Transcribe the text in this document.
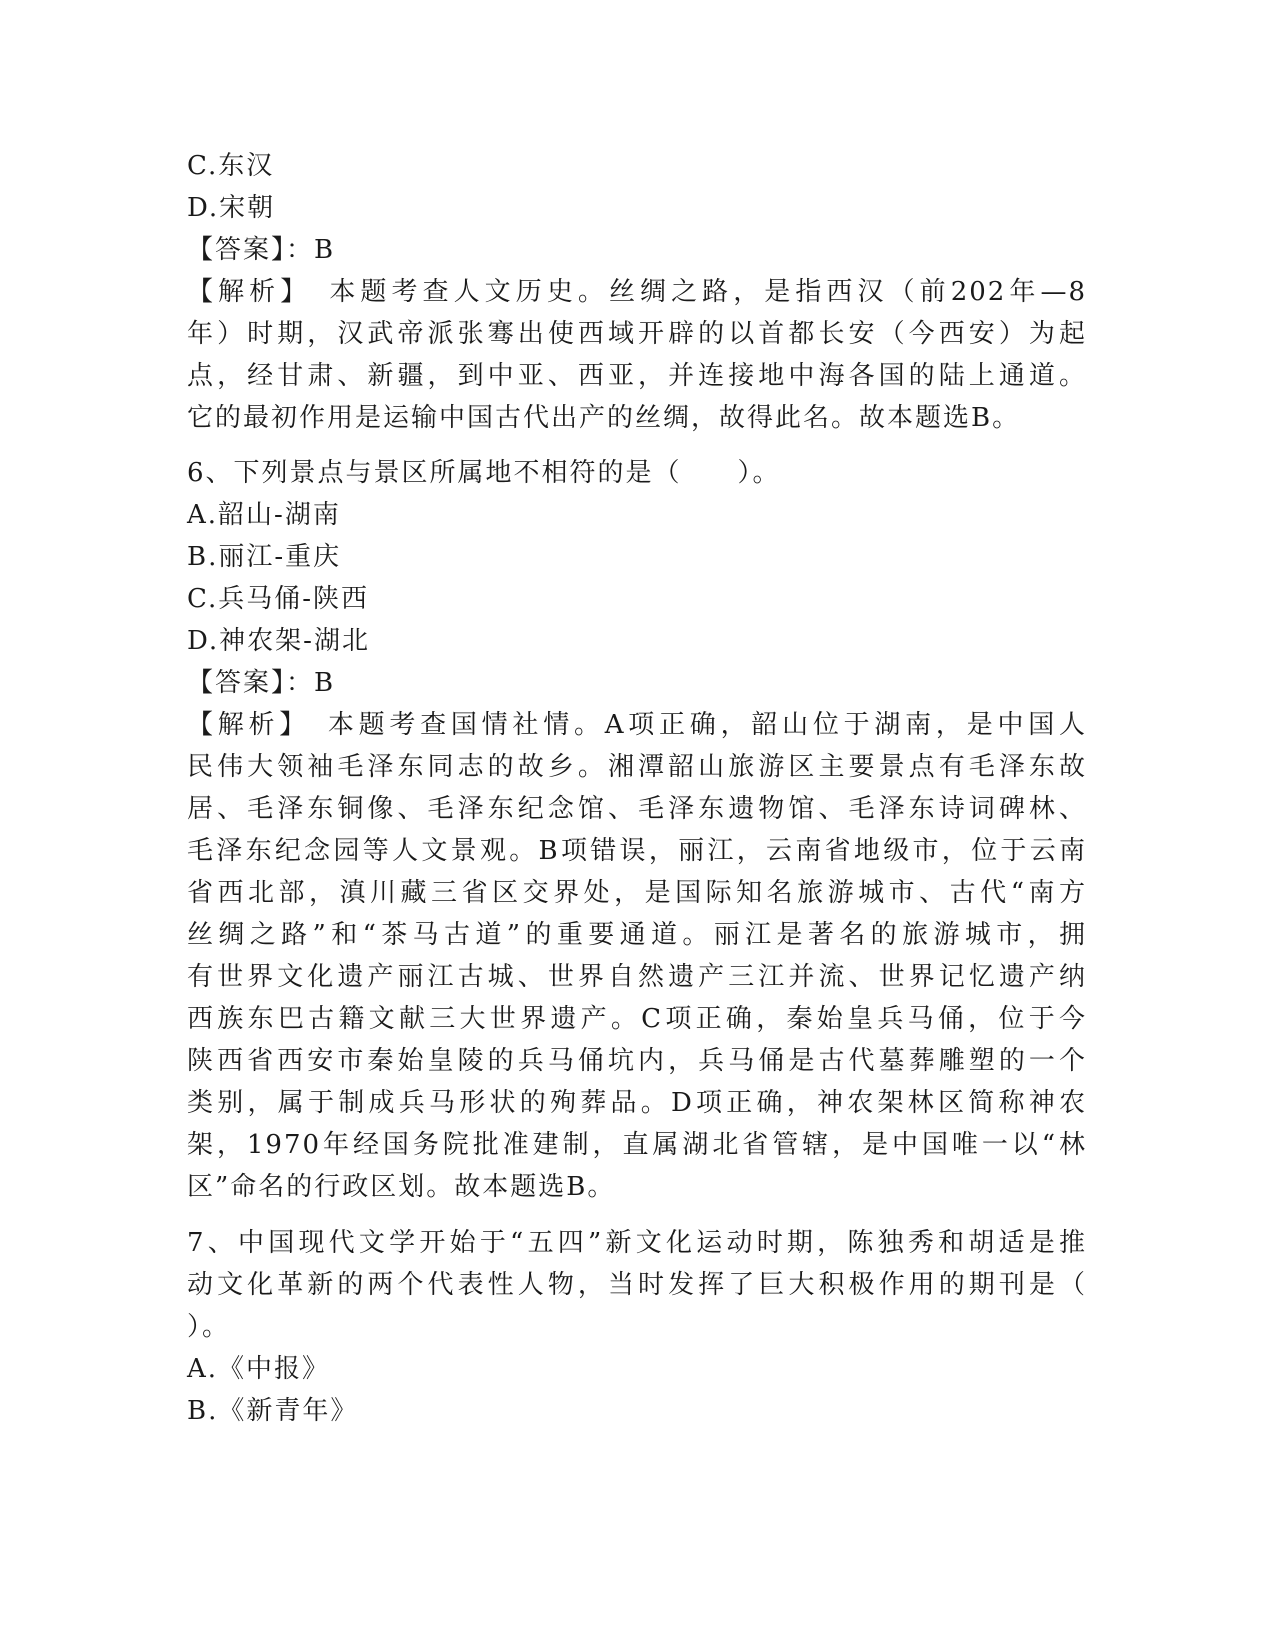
C.东汉
D.宋朝
【答案】：B
【解析】　本题考查人文历史。丝绸之路，是指西汉（前202年—8
年）时期，汉武帝派张骞出使西域开辟的以首都长安（今西安）为起
点，经甘肃、新疆，到中亚、西亚，并连接地中海各国的陆上通道。
它的最初作用是运输中国古代出产的丝绸，故得此名。故本题选B。
6、下列景点与景区所属地不相符的是（　　）。
A.韶山-湖南
B.丽江-重庆
C.兵马俑-陕西
D.神农架-湖北
【答案】：B
【解析】　本题考查国情社情。A项正确，韶山位于湖南，是中国人
民伟大领袖毛泽东同志的故乡。湘潭韶山旅游区主要景点有毛泽东故
居、毛泽东铜像、毛泽东纪念馆、毛泽东遗物馆、毛泽东诗词碑林、
毛泽东纪念园等人文景观。B项错误，丽江，云南省地级市，位于云南
省西北部，滇川藏三省区交界处，是国际知名旅游城市、古代“南方
丝绸之路”和“茶马古道”的重要通道。丽江是著名的旅游城市，拥
有世界文化遗产丽江古城、世界自然遗产三江并流、世界记忆遗产纳
西族东巴古籍文献三大世界遗产。C项正确，秦始皇兵马俑，位于今
陕西省西安市秦始皇陵的兵马俑坑内，兵马俑是古代墓葬雕塑的一个
类别，属于制成兵马形状的殉葬品。D项正确，神农架林区简称神农
架，1970年经国务院批准建制，直属湖北省管辖，是中国唯一以“林
区”命名的行政区划。故本题选B。
7、中国现代文学开始于“五四”新文化运动时期，陈独秀和胡适是推
动文化革新的两个代表性人物，当时发挥了巨大积极作用的期刊是（
）。
A.《中报》
B.《新青年》
